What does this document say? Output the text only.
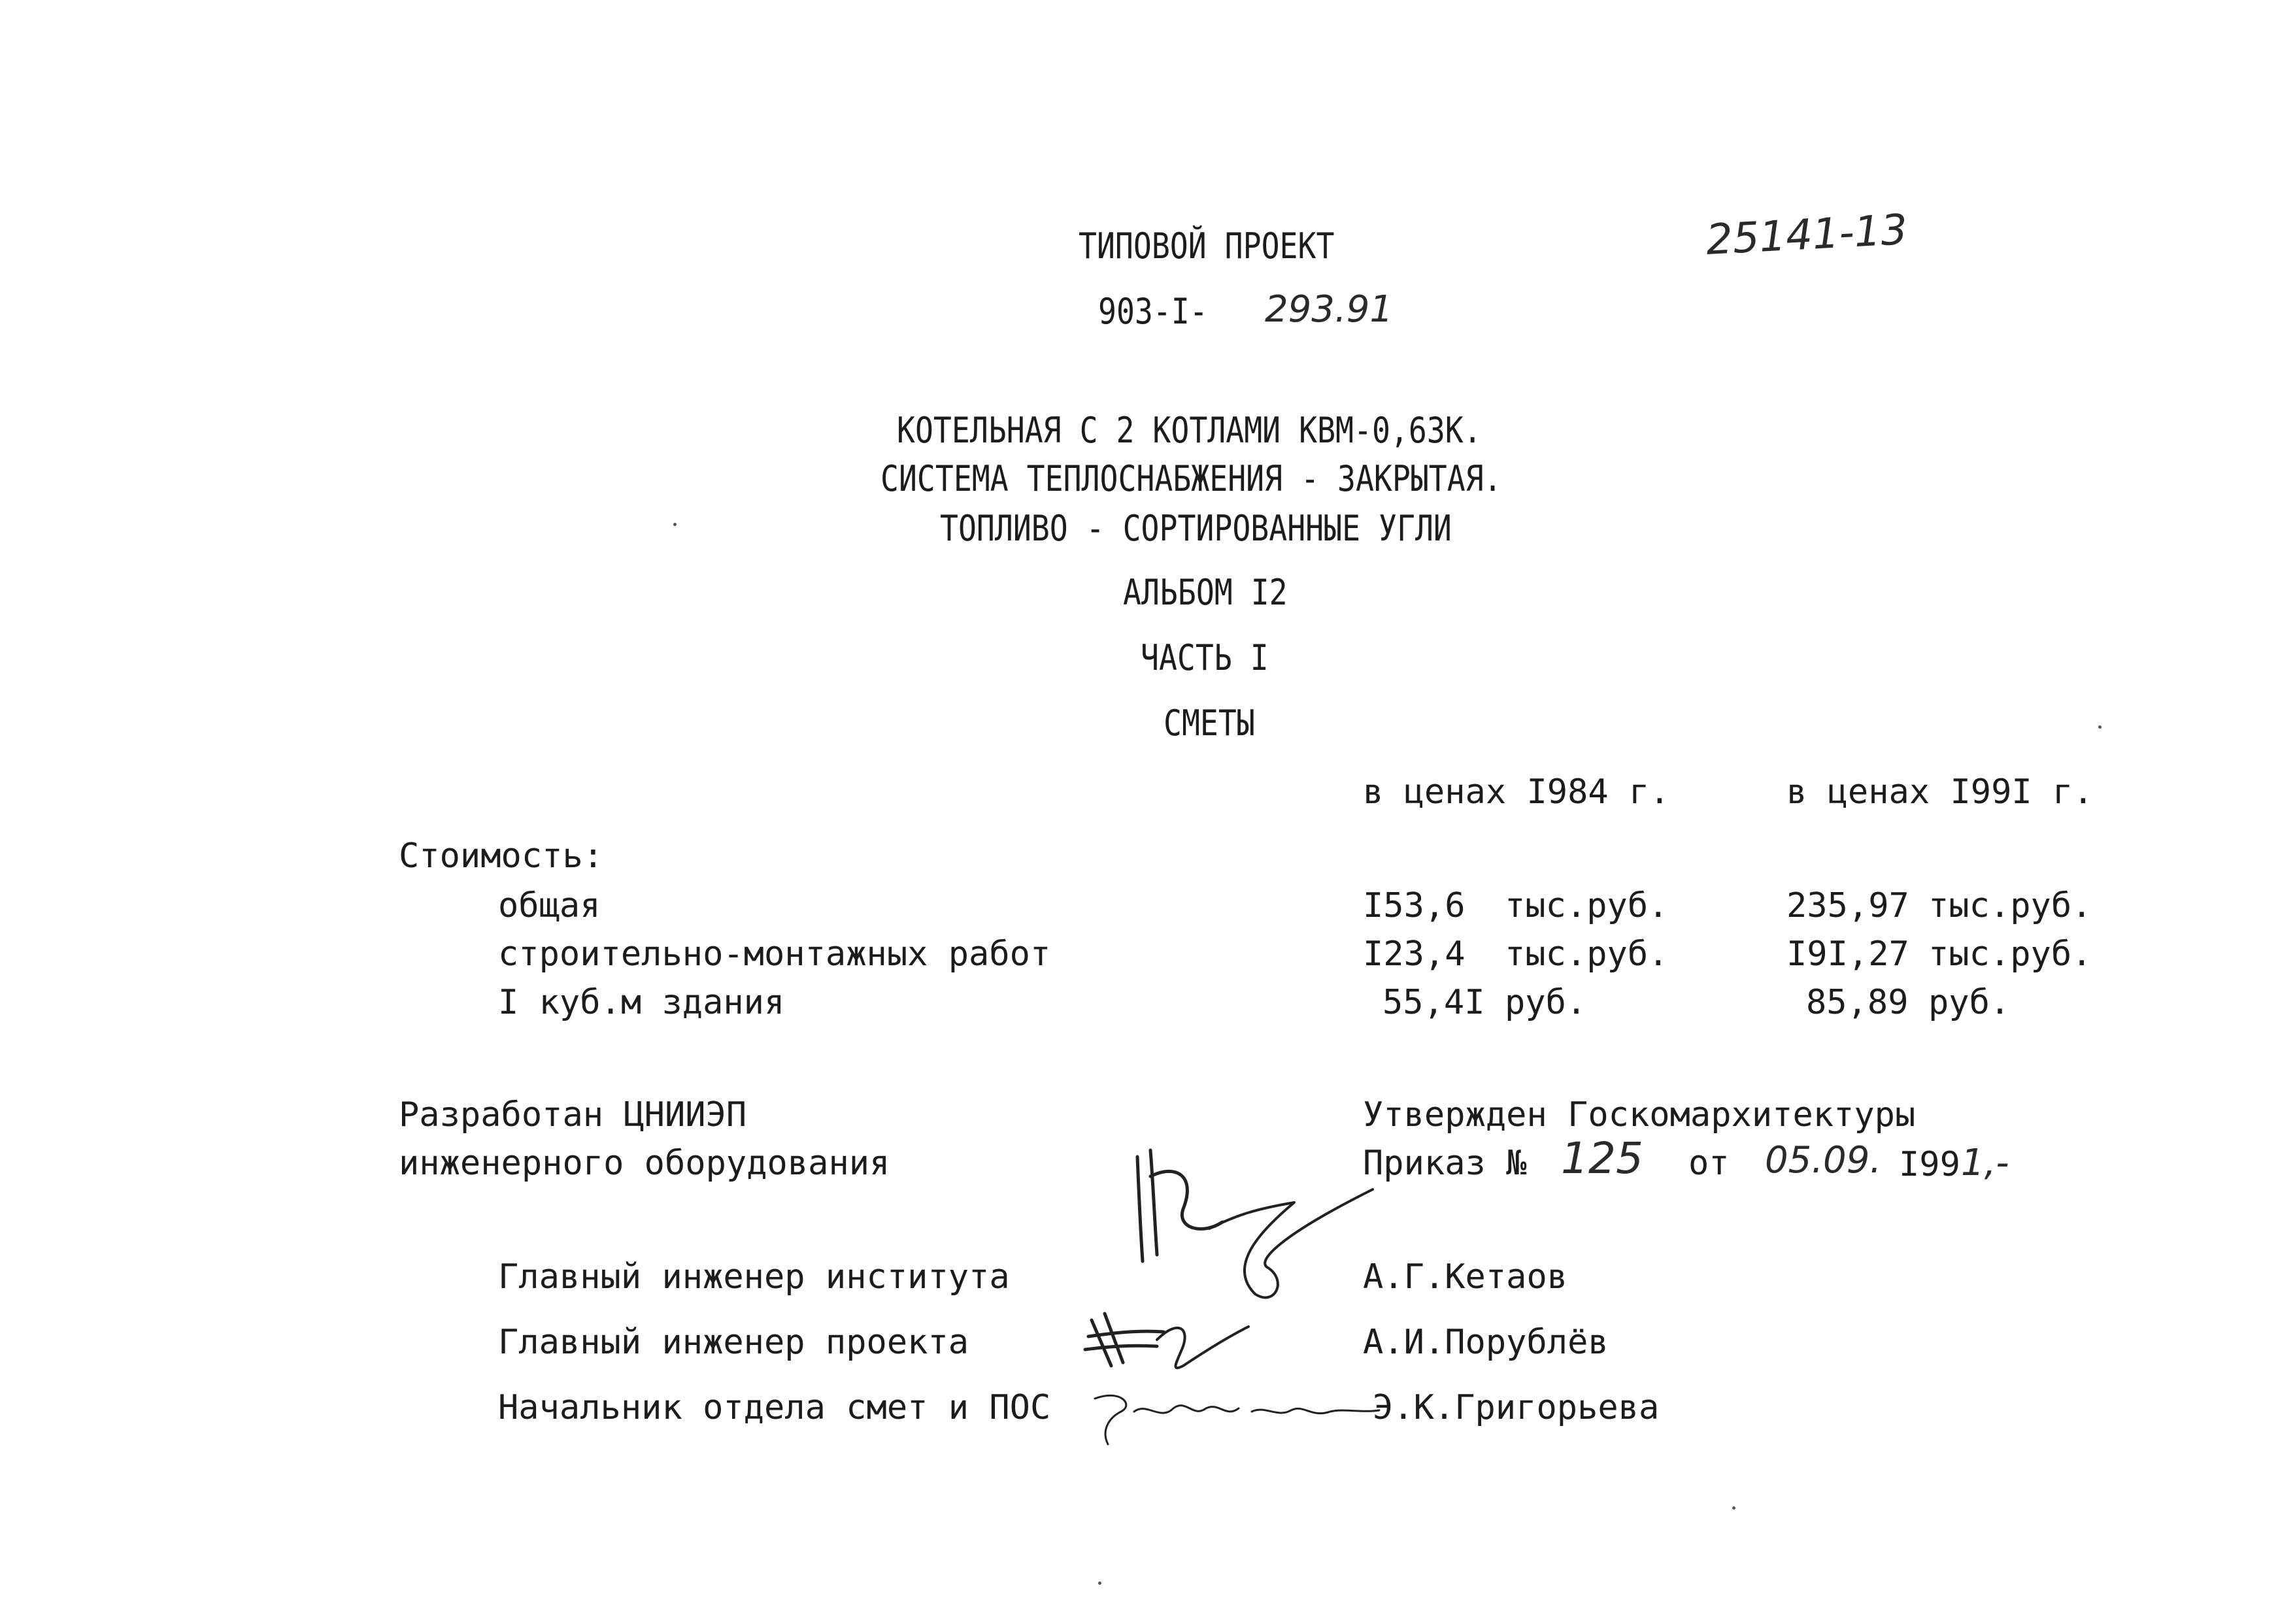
ТИПОВОЙ ПРОЕКТ	25141-13
903-I- 293.91
КОТЕЛЬНАЯ С 2 КОТЛАМИ КВМ-0,63К.
СИСТЕМА ТЕПЛОСНАБЖЕНИЯ - ЗАКРЫТАЯ.
ТОПЛИВО - СОРТИРОВАННЫЕ УГЛИ
АЛЬБОМ I2
ЧАСТЬ I
СМЕТЫ
в ценах I984 г.	в ценах I99I г.
Стоимость:
общая	I53,6 тыс.руб.	235,97 тыс.руб.
строительно-монтажных работ	I23,4 тыс.руб.	I9I,27 тыс.руб.
I куб.м здания	55,4I руб.	85,89 руб.
Разработан ЦНИИЭП
инженерного оборудования
Утвержден Госкомархитектуры
Приказ № 125 от 05.09. I99 1,-
Главный инженер института	А.Г.Кетаов
Главный инженер проекта	А.И.Порублёв
Начальник отдела смет и ПОС	Э.К.Григорьева
